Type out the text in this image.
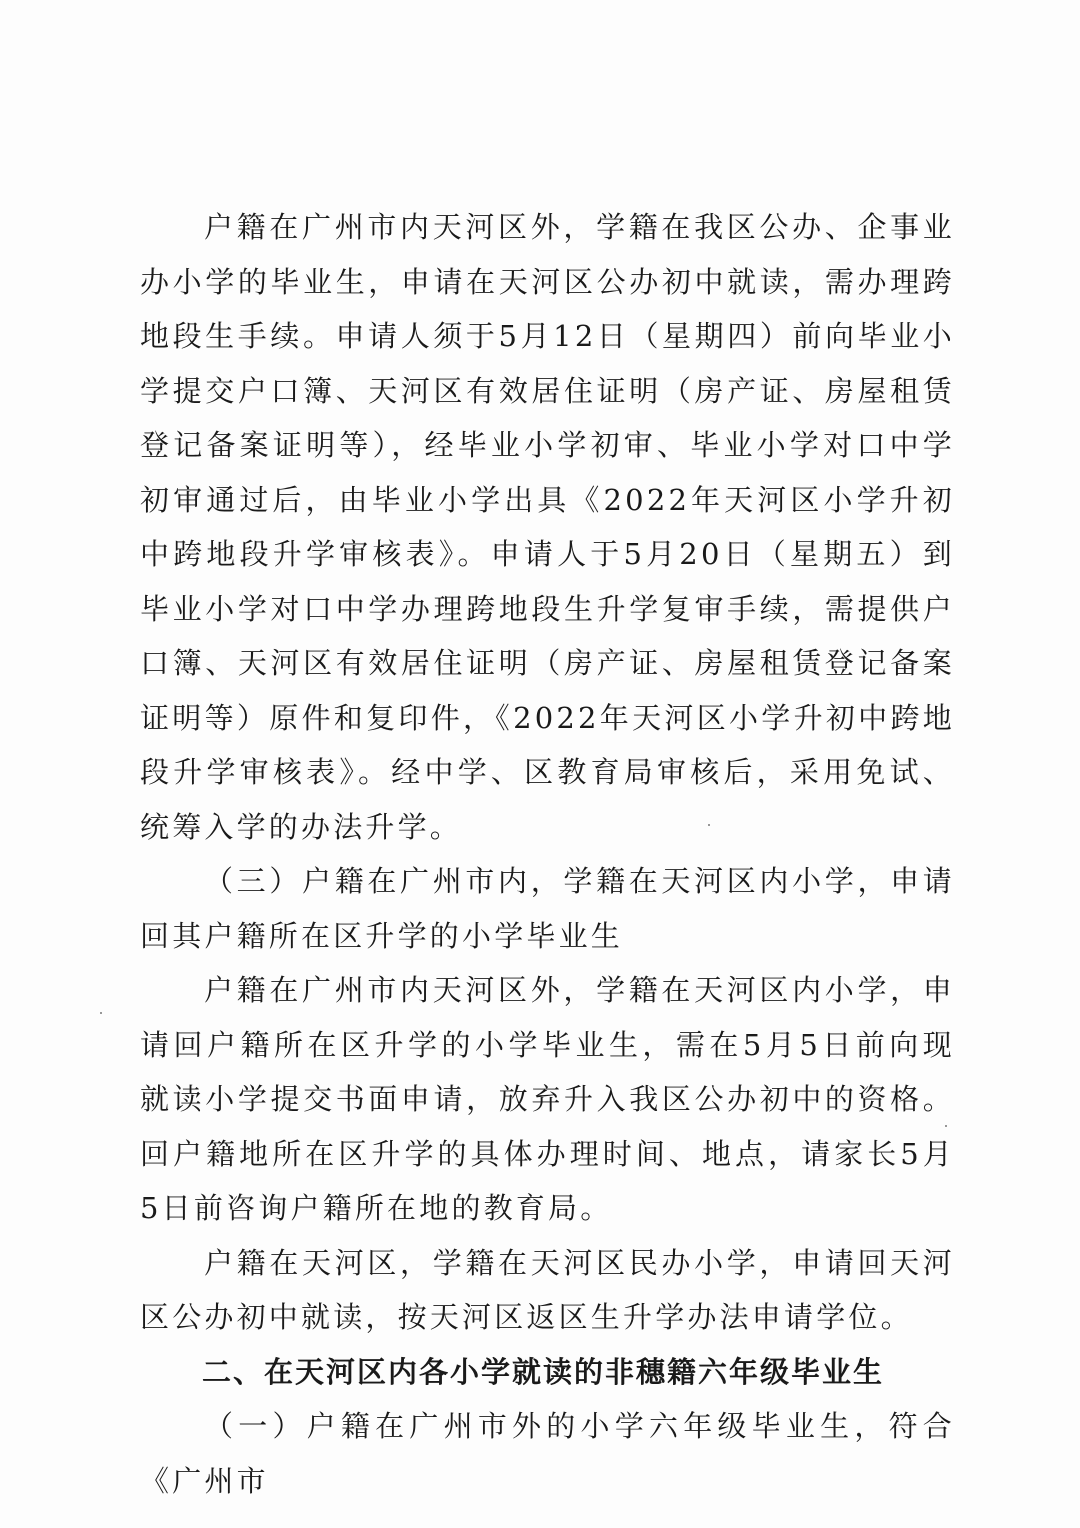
户籍在广州市内天河区外，学籍在我区公办、企事业办小学的毕业生，申请在天河区公办初中就读，需办理跨地段生手续。申请人须于5月12日（星期四）前向毕业小学提交户口簿、天河区有效居住证明（房产证、房屋租赁登记备案证明等），经毕业小学初审、毕业小学对口中学初审通过后，由毕业小学出具《2022年天河区小学升初中跨地段升学审核表》。申请人于5月20日（星期五）到毕业小学对口中学办理跨地段生升学复审手续，需提供户口簿、天河区有效居住证明（房产证、房屋租赁登记备案证明等）原件和复印件，《2022年天河区小学升初中跨地段升学审核表》。经中学、区教育局审核后，采用免试、统筹入学的办法升学。

（三）户籍在广州市内，学籍在天河区内小学，申请回其户籍所在区升学的小学毕业生

户籍在广州市内天河区外，学籍在天河区内小学，申请回户籍所在区升学的小学毕业生，需在5月5日前向现就读小学提交书面申请，放弃升入我区公办初中的资格。回户籍地所在区升学的具体办理时间、地点，请家长5月5日前咨询户籍所在地的教育局。

户籍在天河区，学籍在天河区民办小学，申请回天河区公办初中就读，按天河区返区生升学办法申请学位。

二、在天河区内各小学就读的非穗籍六年级毕业生

（一）户籍在广州市外的小学六年级毕业生，符合《广州市
